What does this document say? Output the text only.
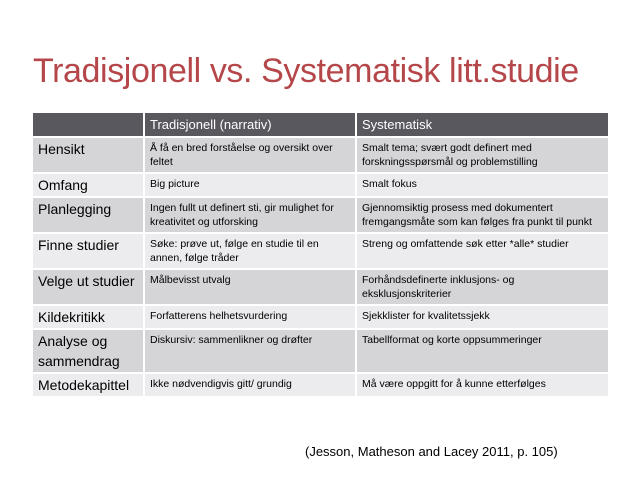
Tradisjonell vs. Systematisk litt.studie
	Tradisjonell (narrativ)	Systematisk
Hensikt	Å få en bred forståelse og oversikt over feltet	Smalt tema; svært godt definert med forskningsspørsmål og problemstilling
Omfang	Big picture	Smalt fokus
Planlegging	Ingen fullt ut definert sti, gir mulighet for kreativitet og utforsking	Gjennomsiktig prosess med dokumentert fremgangsmåte som kan følges fra punkt til punkt
Finne studier	Søke: prøve ut, følge en studie til en annen, følge tråder	Streng og omfattende søk etter *alle* studier
Velge ut studier	Målbevisst utvalg	Forhåndsdefinerte inklusjons- og eksklusjonskriterier
Kildekritikk	Forfatterens helhetsvurdering	Sjekklister for kvalitetssjekk
Analyse og sammendrag	Diskursiv: sammenlikner og drøfter	Tabellformat og korte oppsummeringer
Metodekapittel	Ikke nødvendigvis gitt/ grundig	Må være oppgitt for å kunne etterfølges
(Jesson, Matheson and Lacey 2011, p. 105)
